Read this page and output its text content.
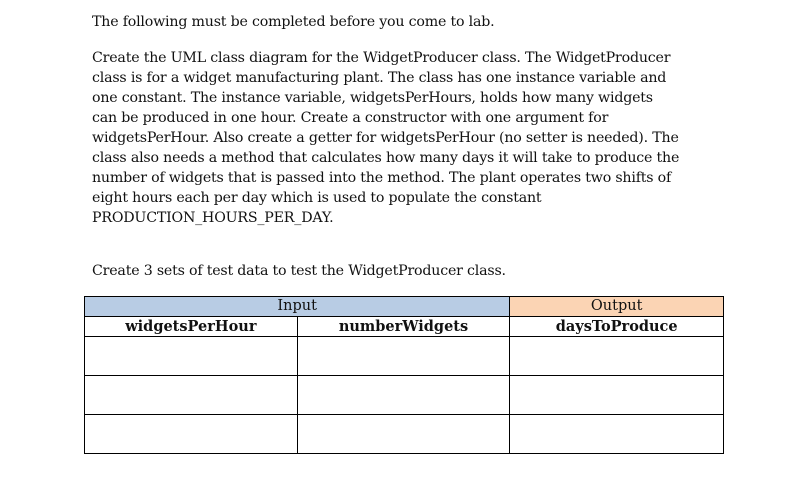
The following must be completed before you come to lab.
Create the UML class diagram for the WidgetProducer class. The WidgetProducer
class is for a widget manufacturing plant. The class has one instance variable and
one constant. The instance variable, widgetsPerHours, holds how many widgets
can be produced in one hour. Create a constructor with one argument for
widgetsPerHour. Also create a getter for widgetsPerHour (no setter is needed). The
class also needs a method that calculates how many days it will take to produce the
number of widgets that is passed into the method. The plant operates two shifts of
eight hours each per day which is used to populate the constant
PRODUCTION_HOURS_PER_DAY.
Create 3 sets of test data to test the WidgetProducer class.
Input		Output
widgetsPerHour	numberWidgets	daysToProduce
